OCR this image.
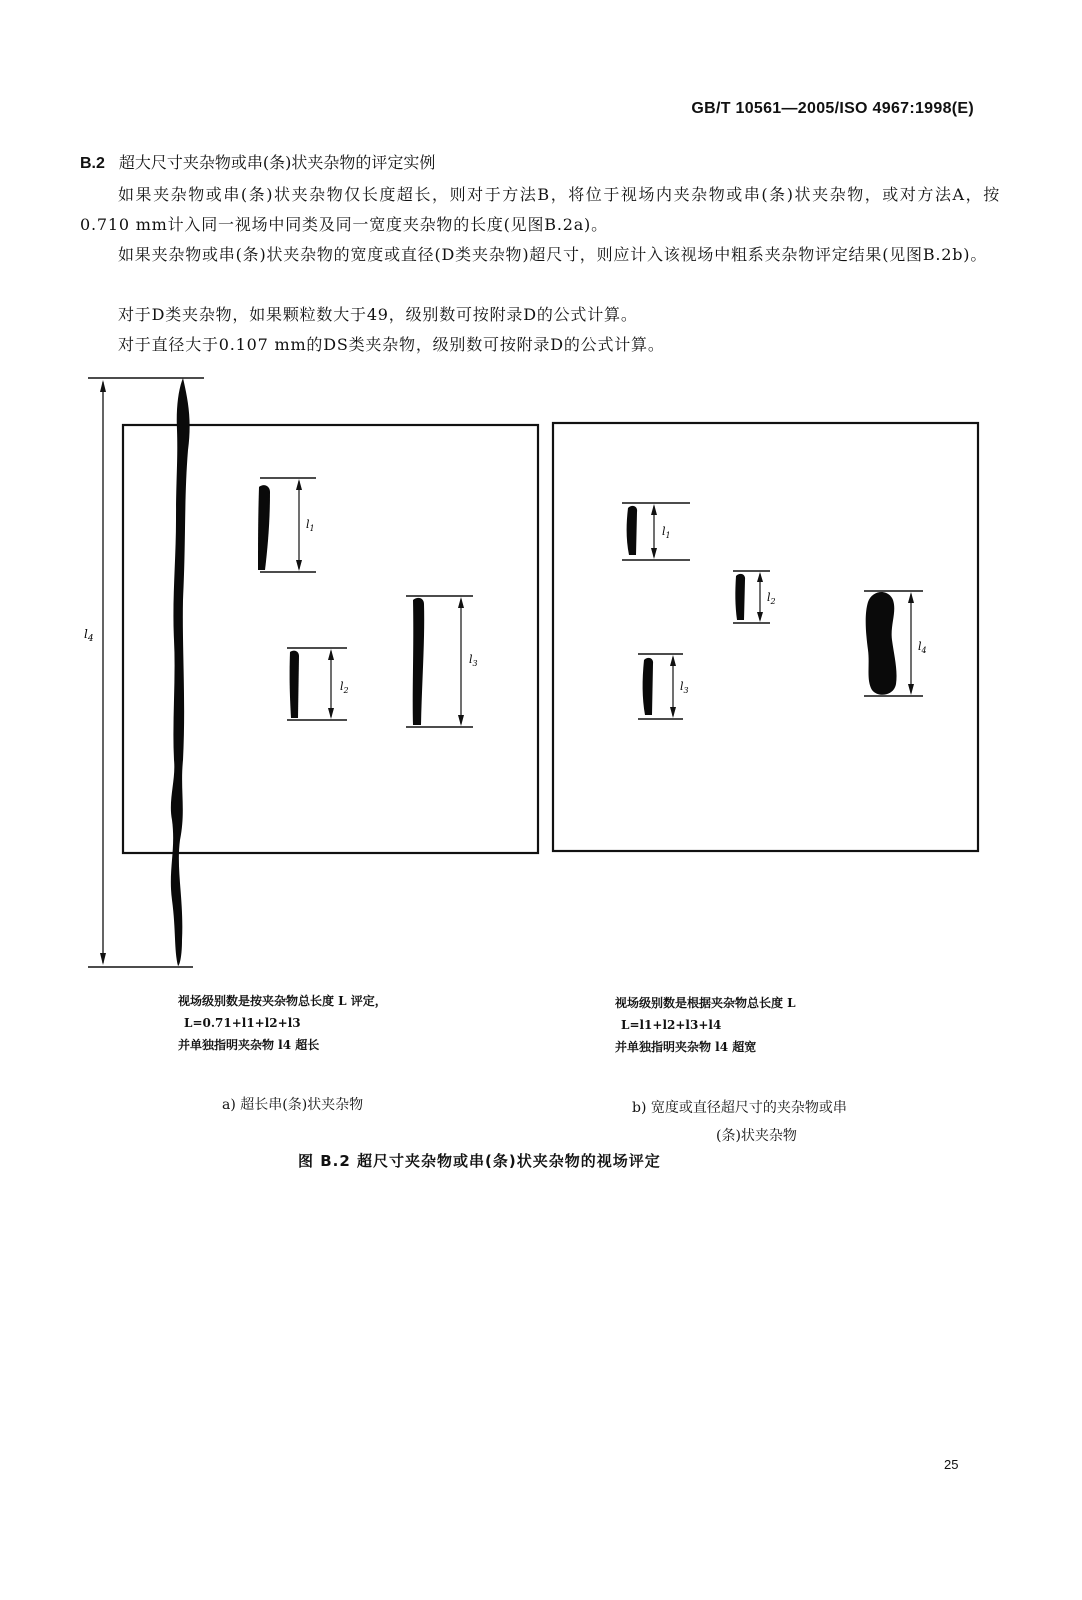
GB/T 10561—2005/ISO 4967:1998(E)
B.2 超大尺寸夹杂物或串(条)状夹杂物的评定实例
如果夹杂物或串(条)状夹杂物仅长度超长，则对于方法B，将位于视场内夹杂物或串(条)状夹杂物，或对方法A，按0.710 mm计入同一视场中同类及同一宽度夹杂物的长度(见图B.2a)。
如果夹杂物或串(条)状夹杂物的宽度或直径(D类夹杂物)超尺寸，则应计入该视场中粗系夹杂物评定结果(见图B.2b)。
对于D类夹杂物，如果颗粒数大于49，级别数可按附录D的公式计算。
对于直径大于0.107 mm的DS类夹杂物，级别数可按附录D的公式计算。
$l_4$
$l_1$
$l_2$
$l_3$
$l_1$
$l_2$
$l_3$
$l_4$
视场级别数是按夹杂物总长度 L 评定，
L=0.71+l1+l2+l3
并单独指明夹杂物 l4 超长
视场级别数是根据夹杂物总长度 L
L=l1+l2+l3+l4
并单独指明夹杂物 l4 超宽
a) 超长串(条)状夹杂物	b) 宽度或直径超尺寸的夹杂物或串
(条)状夹杂物
图 B.2 超尺寸夹杂物或串(条)状夹杂物的视场评定
25
